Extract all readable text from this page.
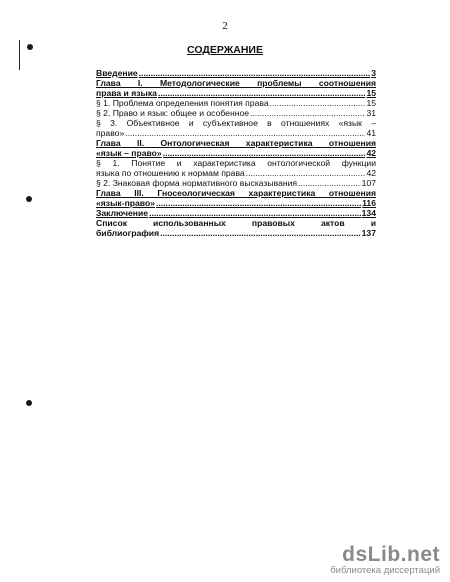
2
СОДЕРЖАНИЕ
Введение .....	3
Глава I. Методологические проблемы соотношения
права и языка .....	15
§ 1. Проблема определения понятия права .....	15
§ 2. Право и язык: общее и особенное .....	31
§ 3. Объективное и субъективное в отношениях «язык –
право» .....	41
Глава II. Онтологическая характеристика отношения
«язык – право» .....	42
§ 1. Понятие и характеристика онтологической функции
языка по отношению к нормам права .....	42
§ 2. Знаковая форма нормативного высказывания .....	107
Глава III. Гносеологическая характеристика отношения
«язык-право» .....	116
Заключение .....	134
Список использованных правовых актов и
библиография .....	137
dsLib.net
библиотека диссертаций
